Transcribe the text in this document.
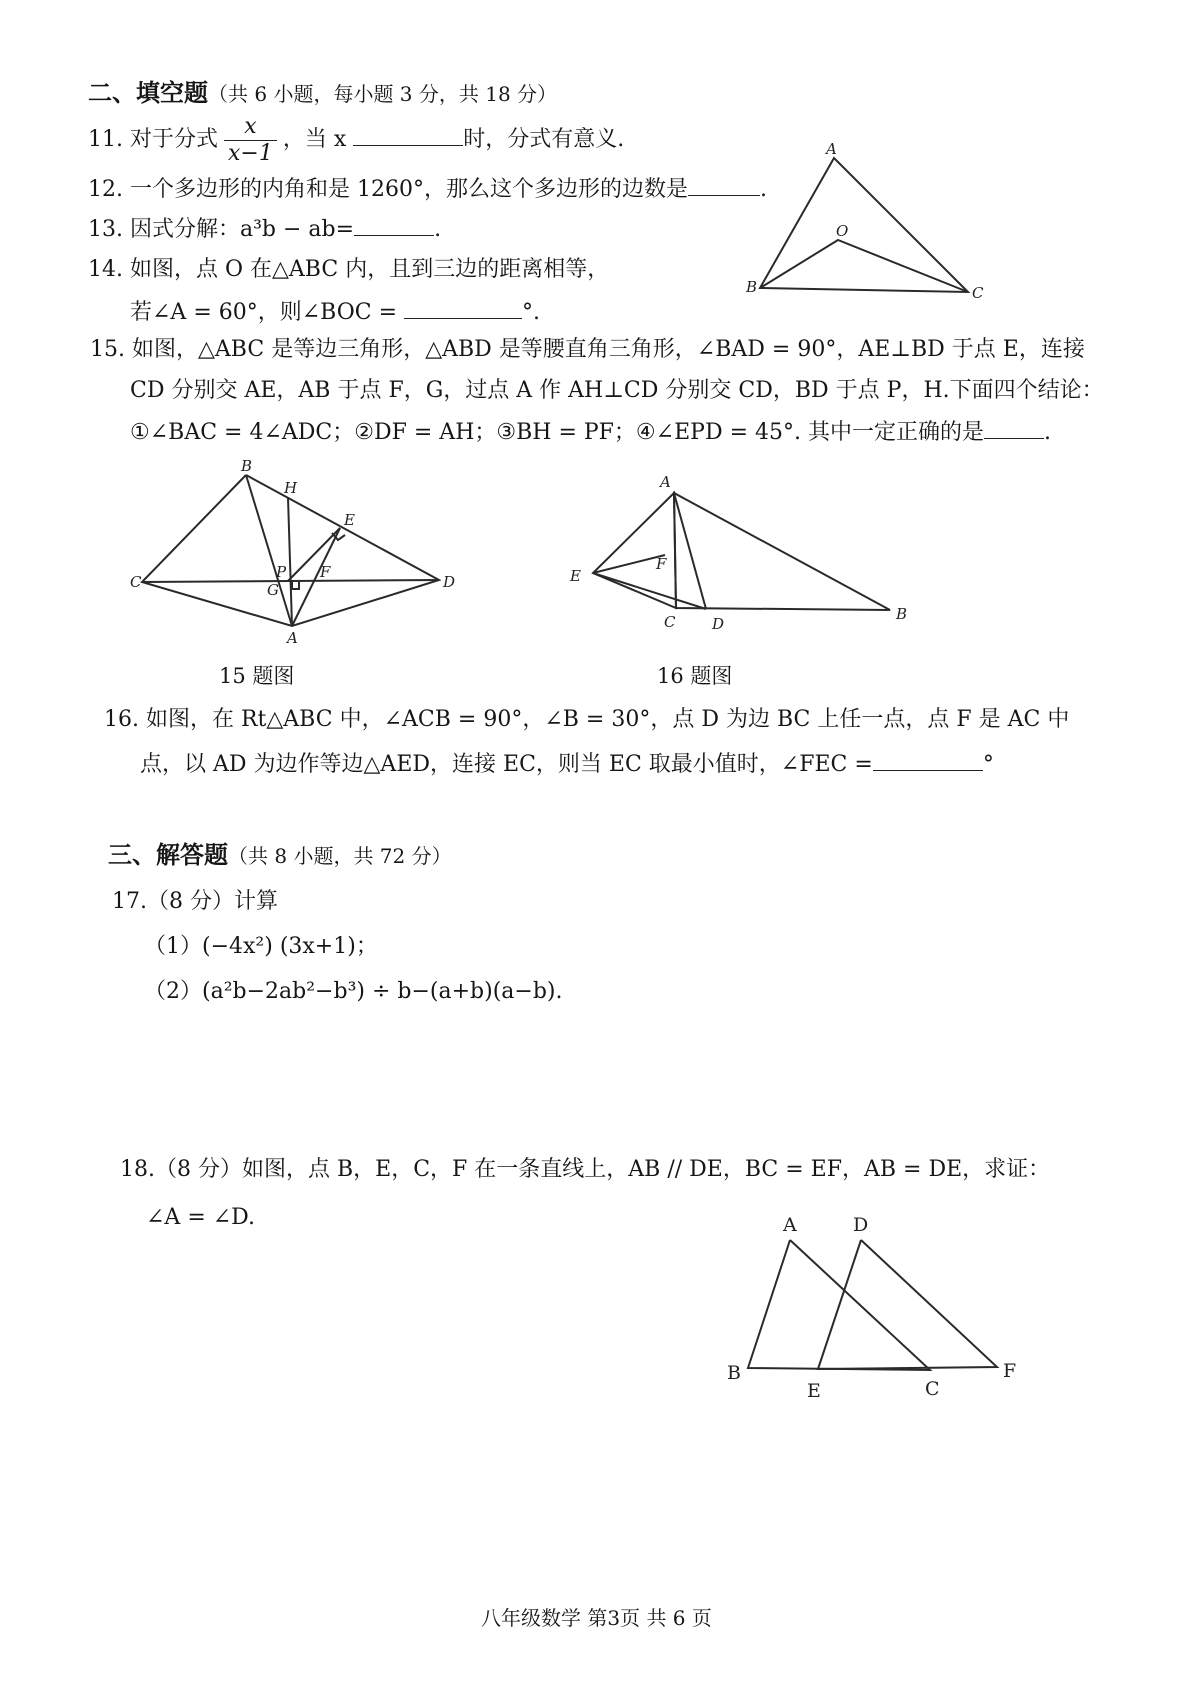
二、填空题（共 6 小题，每小题 3 分，共 18 分）
11. 对于分式 $\frac{x}{x-1}$ ，当 x	时，分式有意义.
12. 一个多边形的内角和是 1260°，那么这个多边形的边数是	.
13. 因式分解：a³b − ab=	.
14. 如图，点 O 在△ABC 内，且到三边的距离相等，
若∠A = 60°，则∠BOC =	°.
A
O
B	C
15. 如图，△ABC 是等边三角形，△ABD 是等腰直角三角形，∠BAD = 90°，AE⊥BD 于点 E，连接
CD 分别交 AE，AB 于点 F，G，过点 A 作 AH⊥CD 分别交 CD，BD 于点 P，H.下面四个结论：
①∠BAC = 4∠ADC；②DF = AH；③BH = PF；④∠EPD = 45°. 其中一定正确的是	.
B
H
E
C
P F
G	D
A
15 题图
A
F
E
C D
B
16 题图
16. 如图，在 Rt△ABC 中，∠ACB = 90°，∠B = 30°，点 D 为边 BC 上任一点，点 F 是 AC 中
点，以 AD 为边作等边△AED，连接 EC，则当 EC 取最小值时，∠FEC =	°
三、解答题（共 8 小题，共 72 分）
17.（8 分）计算
（1）(−4x²) (3x+1)；
（2）(a²b−2ab²−b³) ÷ b−(a+b)(a−b).
18.（8 分）如图，点 B，E，C，F 在一条直线上，AB // DE，BC = EF，AB = DE，求证：
∠A = ∠D.	A	D
B
E	C
F
八年级数学 第3页 共 6 页
